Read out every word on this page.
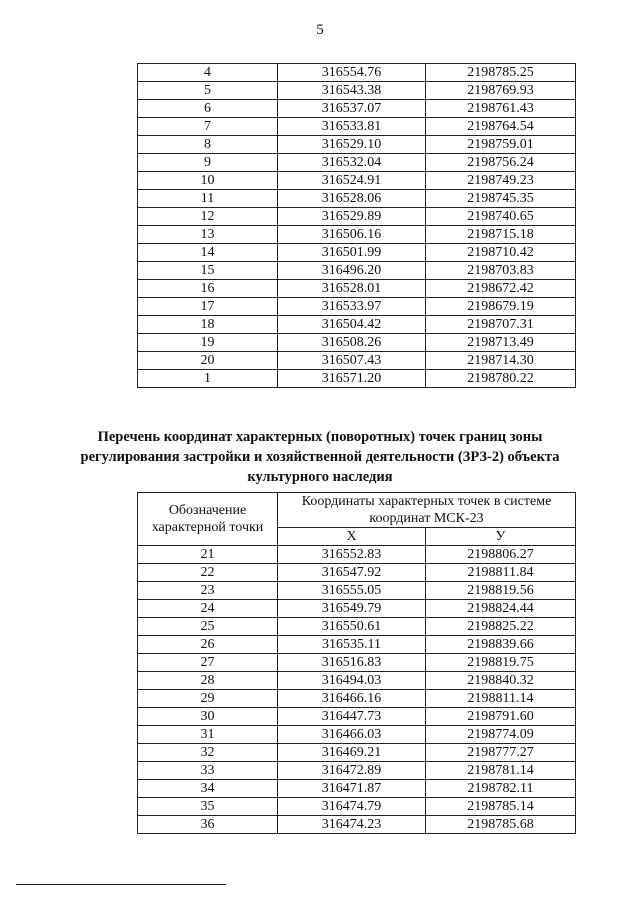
5
4	316554.76	2198785.25
5	316543.38	2198769.93
6	316537.07	2198761.43
7	316533.81	2198764.54
8	316529.10	2198759.01
9	316532.04	2198756.24
10	316524.91	2198749.23
11	316528.06	2198745.35
12	316529.89	2198740.65
13	316506.16	2198715.18
14	316501.99	2198710.42
15	316496.20	2198703.83
16	316528.01	2198672.42
17	316533.97	2198679.19
18	316504.42	2198707.31
19	316508.26	2198713.49
20	316507.43	2198714.30
1	316571.20	2198780.22
Перечень координат характерных (поворотных) точек границ зоны регулирования застройки и хозяйственной деятельности (ЗРЗ-2) объекта культурного наследия
Обозначение характерной точки	Координаты характерных точек в системе координат МСК-23	
	X	У
21	316552.83	2198806.27
22	316547.92	2198811.84
23	316555.05	2198819.56
24	316549.79	2198824.44
25	316550.61	2198825.22
26	316535.11	2198839.66
27	316516.83	2198819.75
28	316494.03	2198840.32
29	316466.16	2198811.14
30	316447.73	2198791.60
31	316466.03	2198774.09
32	316469.21	2198777.27
33	316472.89	2198781.14
34	316471.87	2198782.11
35	316474.79	2198785.14
36	316474.23	2198785.68
